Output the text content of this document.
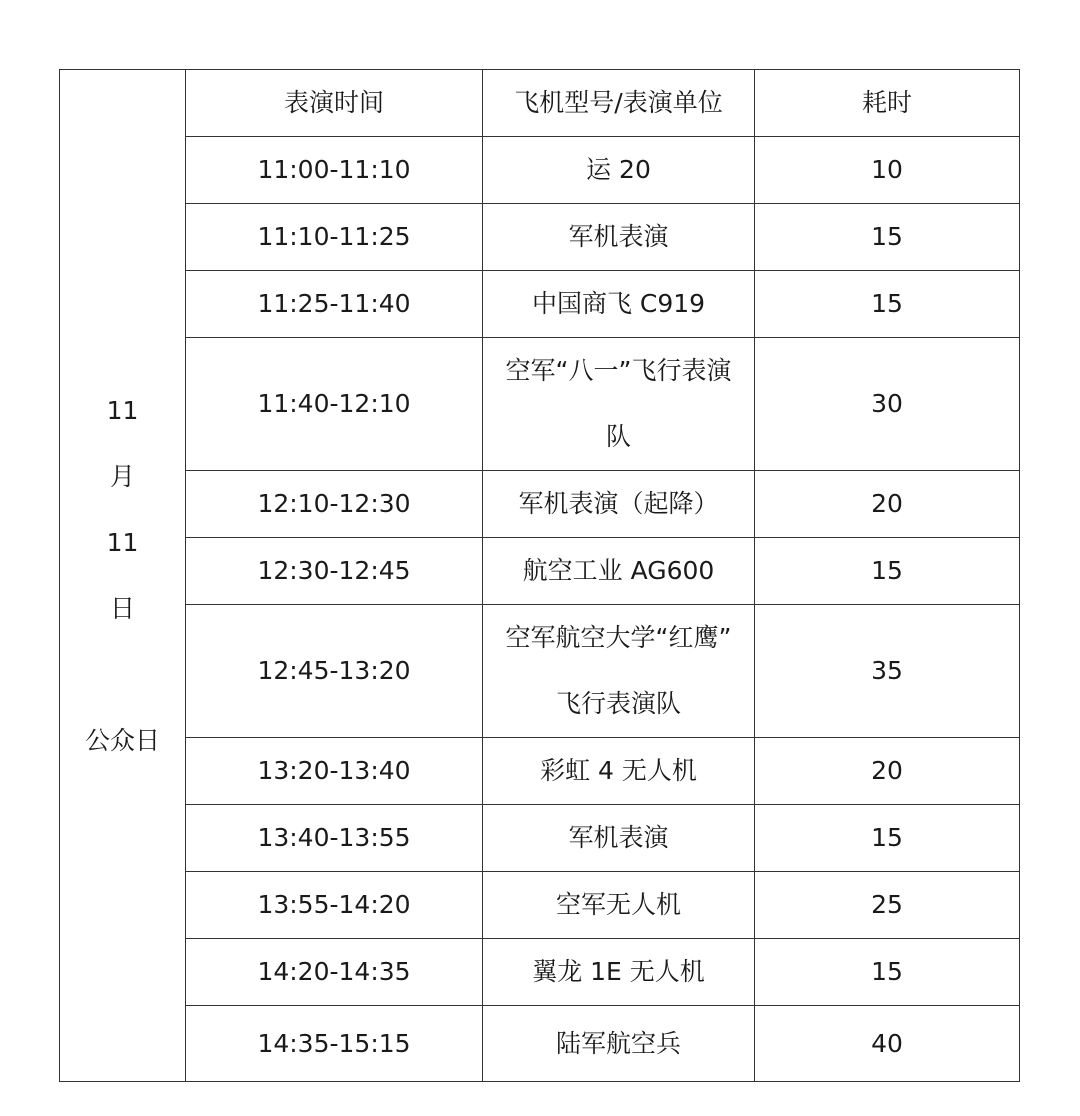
11
月
11
日
公众日	表演时间	飞机型号/表演单位	耗时
	11:00-11:10	运 20	10
	11:10-11:25	军机表演	15
	11:25-11:40	中国商飞 C919	15
	11:40-12:10	空军“八一”飞行表演
队	30
	12:10-12:30	军机表演（起降）	20
	12:30-12:45	航空工业 AG600	15
	12:45-13:20	空军航空大学“红鹰”
飞行表演队	35
	13:20-13:40	彩虹 4 无人机	20
	13:40-13:55	军机表演	15
	13:55-14:20	空军无人机	25
	14:20-14:35	翼龙 1E 无人机	15
	14:35-15:15	陆军航空兵	40
